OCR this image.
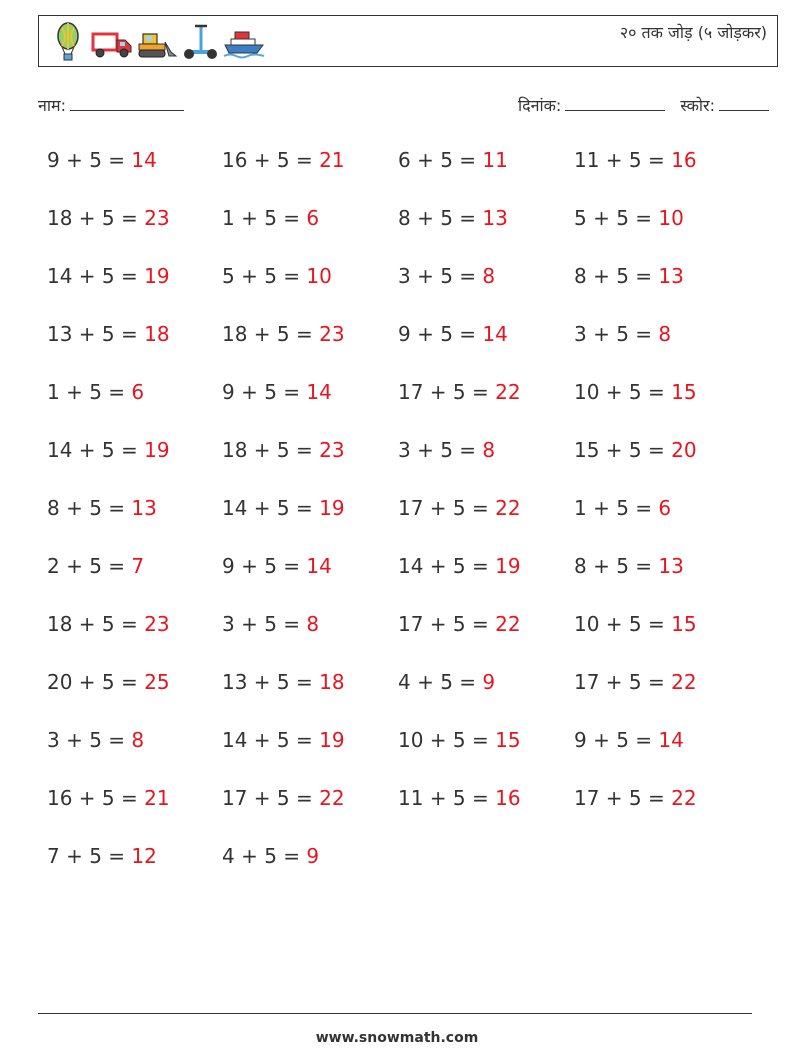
२० तक जोड़ (५ जोड़कर)
नाम:	दिनांक:	स्कोर:
9 + 5 = 14
18 + 5 = 23
14 + 5 = 19
13 + 5 = 18
1 + 5 = 6
14 + 5 = 19
8 + 5 = 13
2 + 5 = 7
18 + 5 = 23
20 + 5 = 25
3 + 5 = 8
16 + 5 = 21
7 + 5 = 12
16 + 5 = 21
1 + 5 = 6
5 + 5 = 10
18 + 5 = 23
9 + 5 = 14
18 + 5 = 23
14 + 5 = 19
9 + 5 = 14
3 + 5 = 8
13 + 5 = 18
14 + 5 = 19
17 + 5 = 22
4 + 5 = 9
6 + 5 = 11
8 + 5 = 13
3 + 5 = 8
9 + 5 = 14
17 + 5 = 22
3 + 5 = 8
17 + 5 = 22
14 + 5 = 19
17 + 5 = 22
4 + 5 = 9
10 + 5 = 15
11 + 5 = 16
11 + 5 = 16
5 + 5 = 10
8 + 5 = 13
3 + 5 = 8
10 + 5 = 15
15 + 5 = 20
1 + 5 = 6
8 + 5 = 13
10 + 5 = 15
17 + 5 = 22
9 + 5 = 14
17 + 5 = 22
www.snowmath.com
